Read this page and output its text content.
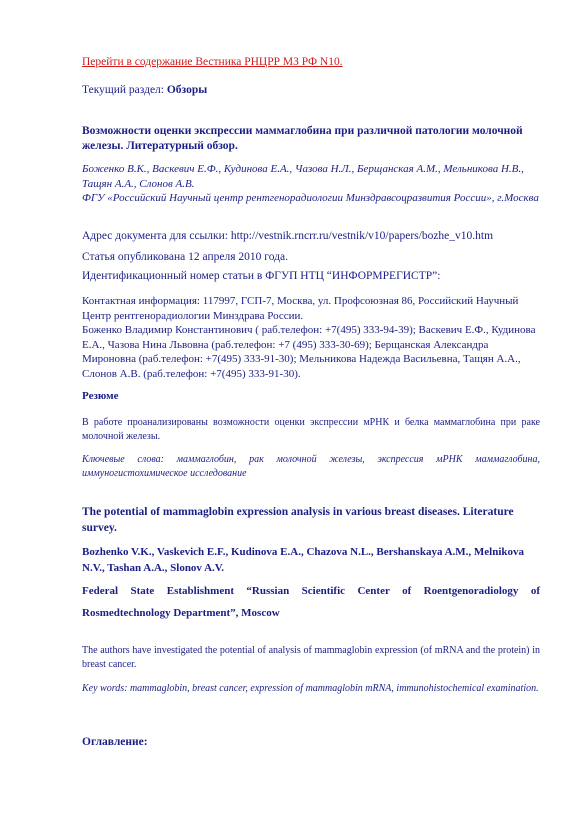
Перейти в содержание Вестника РНЦРР МЗ РФ N10.

Текущий раздел: Обзоры

Возможности оценки экспрессии маммаглобина при различной патологии молочной железы. Литературный обзор.

Боженко В.К., Васкевич Е.Ф., Кудинова Е.А., Чазова Н.Л., Берщанская А.М., Мельникова Н.В., Тащян А.А., Слонов А.В.

ФГУ «Российский Научный центр рентгенорадиологии Минздравсоцразвития России», г.Москва

Адрес документа для ссылки: http://vestnik.rncrr.ru/vestnik/v10/papers/bozhe_v10.htm

Статья опубликована 12 апреля 2010 года.

Идентификационный номер статьи в ФГУП НТЦ “ИНФОРМРЕГИСТР”:

Контактная информация: 117997, ГСП-7, Москва, ул. Профсоюзная 86, Российский Научный Центр рентгенорадиологии Минздрава России.

Боженко Владимир Константинович ( раб.телефон: +7(495) 333-94-39); Васкевич Е.Ф., Кудинова Е.А., Чазова Нина Львовна (раб.телефон: +7 (495) 333-30-69); Берщанская Александра Мироновна (раб.телефон: +7(495) 333-91-30); Мельникова Надежда Васильевна, Тащян А.А., Слонов А.В. (раб.телефон: +7(495) 333-91-30).

Резюме

В работе проанализированы возможности оценки экспрессии мРНК и белка маммаглобина при раке молочной железы.

Ключевые слова: маммаглобин, рак молочной железы, экспрессия мРНК маммаглобина, иммуногистохимическое исследование

The potential of mammaglobin expression analysis in various breast diseases. Literature survey.

Bozhenko V.K., Vaskevich E.F., Kudinova E.A., Chazova N.L., Bershanskaya A.M., Melnikova N.V., Tashan A.A., Slonov A.V.

Federal State Establishment “Russian Scientific Center of Roentgenoradiology of Rosmedtechnology Department”, Moscow

The authors have investigated the potential of analysis of mammaglobin expression (of mRNA and the protein) in breast cancer.

Key words: mammaglobin, breast cancer, expression of mammaglobin mRNA, immunohistochemical examination.

Оглавление:
